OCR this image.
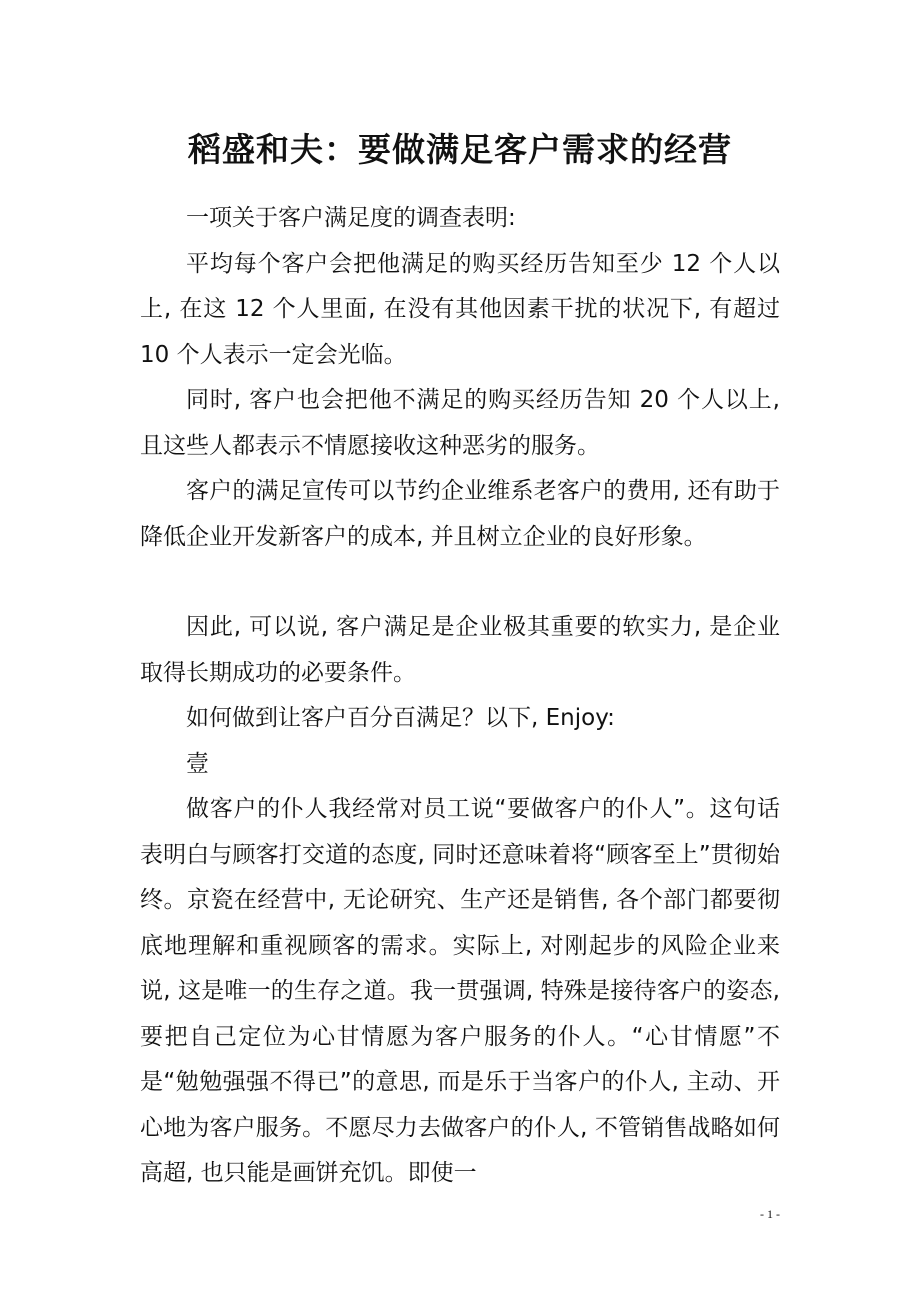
稻盛和夫：要做满足客户需求的经营

一项关于客户满足度的调查表明:

平均每个客户会把他满足的购买经历告知至少 12 个人以上, 在这 12 个人里面, 在没有其他因素干扰的状况下, 有超过 10 个人表示一定会光临。

同时, 客户也会把他不满足的购买经历告知 20 个人以上, 且这些人都表示不情愿接收这种恶劣的服务。

客户的满足宣传可以节约企业维系老客户的费用, 还有助于降低企业开发新客户的成本, 并且树立企业的良好形象。

因此, 可以说, 客户满足是企业极其重要的软实力, 是企业取得长期成功的必要条件。

如何做到让客户百分百满足？以下, Enjoy:

壹

做客户的仆人我经常对员工说“要做客户的仆人”。这句话表明白与顾客打交道的态度, 同时还意味着将“顾客至上”贯彻始终。京瓷在经营中, 无论研究、生产还是销售, 各个部门都要彻底地理解和重视顾客的需求。实际上, 对刚起步的风险企业来说, 这是唯一的生存之道。我一贯强调, 特殊是接待客户的姿态, 要把自己定位为心甘情愿为客户服务的仆人。“心甘情愿”不是“勉勉强强不得已”的意思, 而是乐于当客户的仆人, 主动、开心地为客户服务。不愿尽力去做客户的仆人, 不管销售战略如何高超, 也只能是画饼充饥。即使一

- 1 -
